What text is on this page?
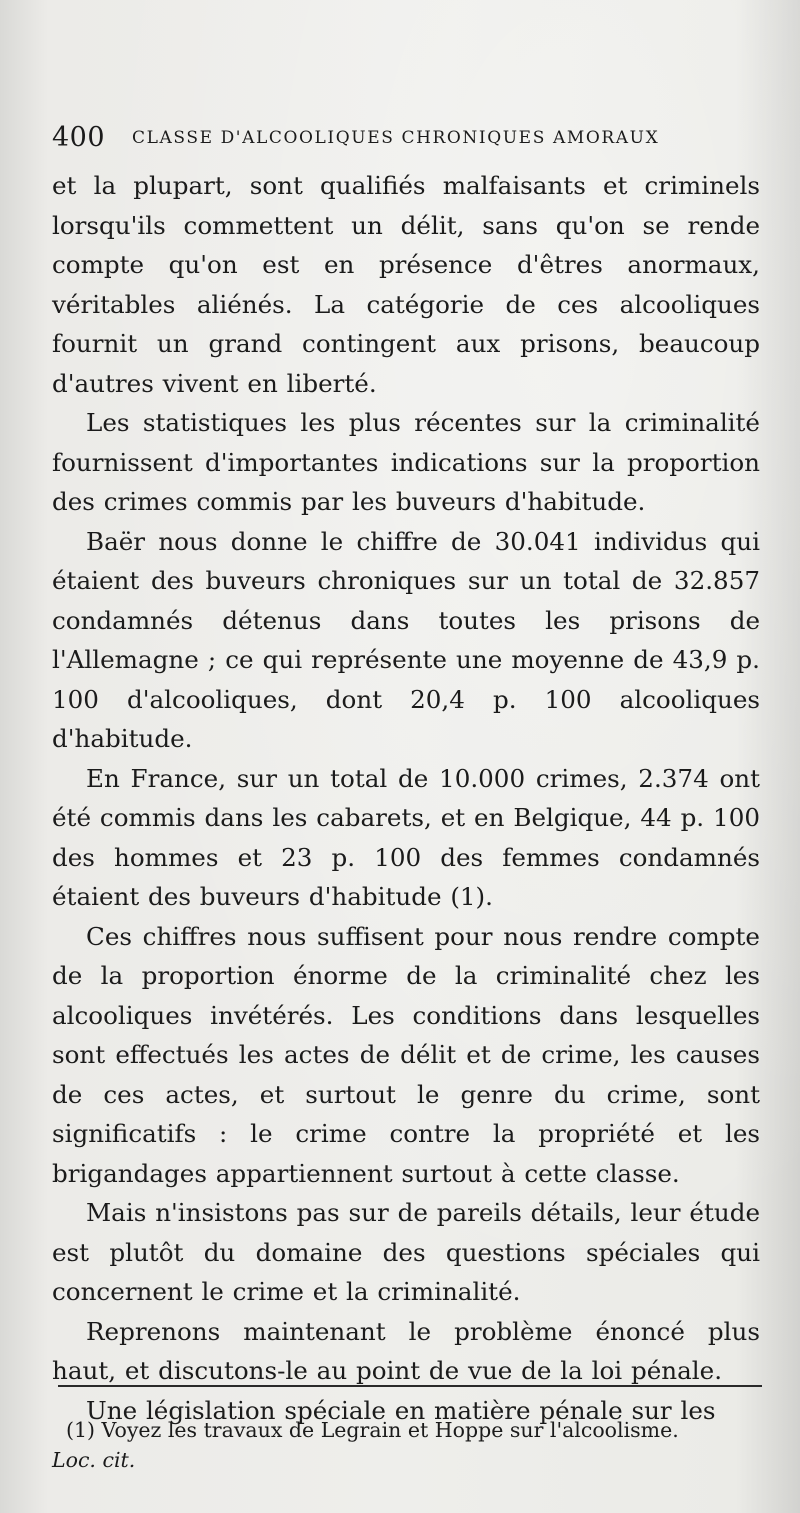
400 CLASSE D'ALCOOLIQUES CHRONIQUES AMORAUX

et la plupart, sont qualifiés malfaisants et criminels lorsqu'ils commettent un délit, sans qu'on se rende compte qu'on est en présence d'êtres anormaux, véritables aliénés. La catégorie de ces alcooliques fournit un grand contingent aux prisons, beaucoup d'autres vivent en liberté.

Les statistiques les plus récentes sur la criminalité fournissent d'importantes indications sur la proportion des crimes commis par les buveurs d'habitude.

Baër nous donne le chiffre de 30.041 individus qui étaient des buveurs chroniques sur un total de 32.857 condamnés détenus dans toutes les prisons de l'Allemagne ; ce qui représente une moyenne de 43,9 p. 100 d'alcooliques, dont 20,4 p. 100 alcooliques d'habitude.

En France, sur un total de 10.000 crimes, 2.374 ont été commis dans les cabarets, et en Belgique, 44 p. 100 des hommes et 23 p. 100 des femmes condamnés étaient des buveurs d'habitude (1).

Ces chiffres nous suffisent pour nous rendre compte de la proportion énorme de la criminalité chez les alcooliques invétérés. Les conditions dans lesquelles sont effectués les actes de délit et de crime, les causes de ces actes, et surtout le genre du crime, sont significatifs : le crime contre la propriété et les brigandages appartiennent surtout à cette classe.

Mais n'insistons pas sur de pareils détails, leur étude est plutôt du domaine des questions spéciales qui concernent le crime et la criminalité.

Reprenons maintenant le problème énoncé plus haut, et discutons-le au point de vue de la loi pénale.

Une législation spéciale en matière pénale sur les

(1) Voyez les travaux de Legrain et Hoppe sur l'alcoolisme.
Loc. cit.
